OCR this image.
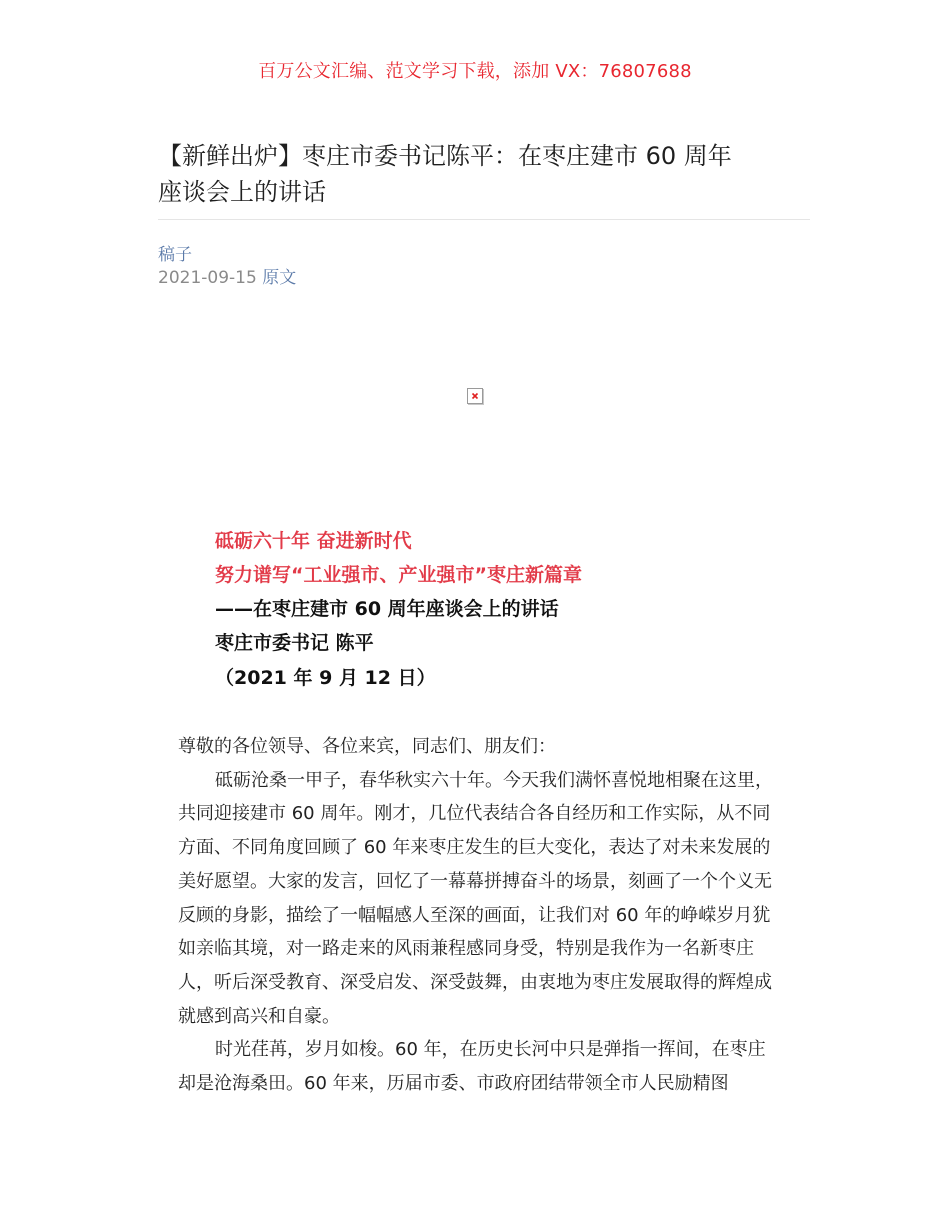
百万公文汇编、范文学习下载，添加 VX：76807688
【新鲜出炉】枣庄市委书记陈平：在枣庄建市 60 周年
座谈会上的讲话
稿子
2021-09-15 原文
砥砺六十年 奋进新时代
努力谱写“工业强市、产业强市”枣庄新篇章
——在枣庄建市 60 周年座谈会上的讲话
枣庄市委书记 陈平
（2021 年 9 月 12 日）

尊敬的各位领导、各位来宾，同志们、朋友们：

砥砺沧桑一甲子，春华秋实六十年。今天我们满怀喜悦地相聚在这里，共同迎接建市 60 周年。刚才，几位代表结合各自经历和工作实际，从不同方面、不同角度回顾了 60 年来枣庄发生的巨大变化，表达了对未来发展的美好愿望。大家的发言，回忆了一幕幕拼搏奋斗的场景，刻画了一个个义无反顾的身影，描绘了一幅幅感人至深的画面，让我们对 60 年的峥嵘岁月犹如亲临其境，对一路走来的风雨兼程感同身受，特别是我作为一名新枣庄人，听后深受教育、深受启发、深受鼓舞，由衷地为枣庄发展取得的辉煌成就感到高兴和自豪。

时光荏苒，岁月如梭。60 年，在历史长河中只是弹指一挥间，在枣庄却是沧海桑田。60 年来，历届市委、市政府团结带领全市人民励精图
